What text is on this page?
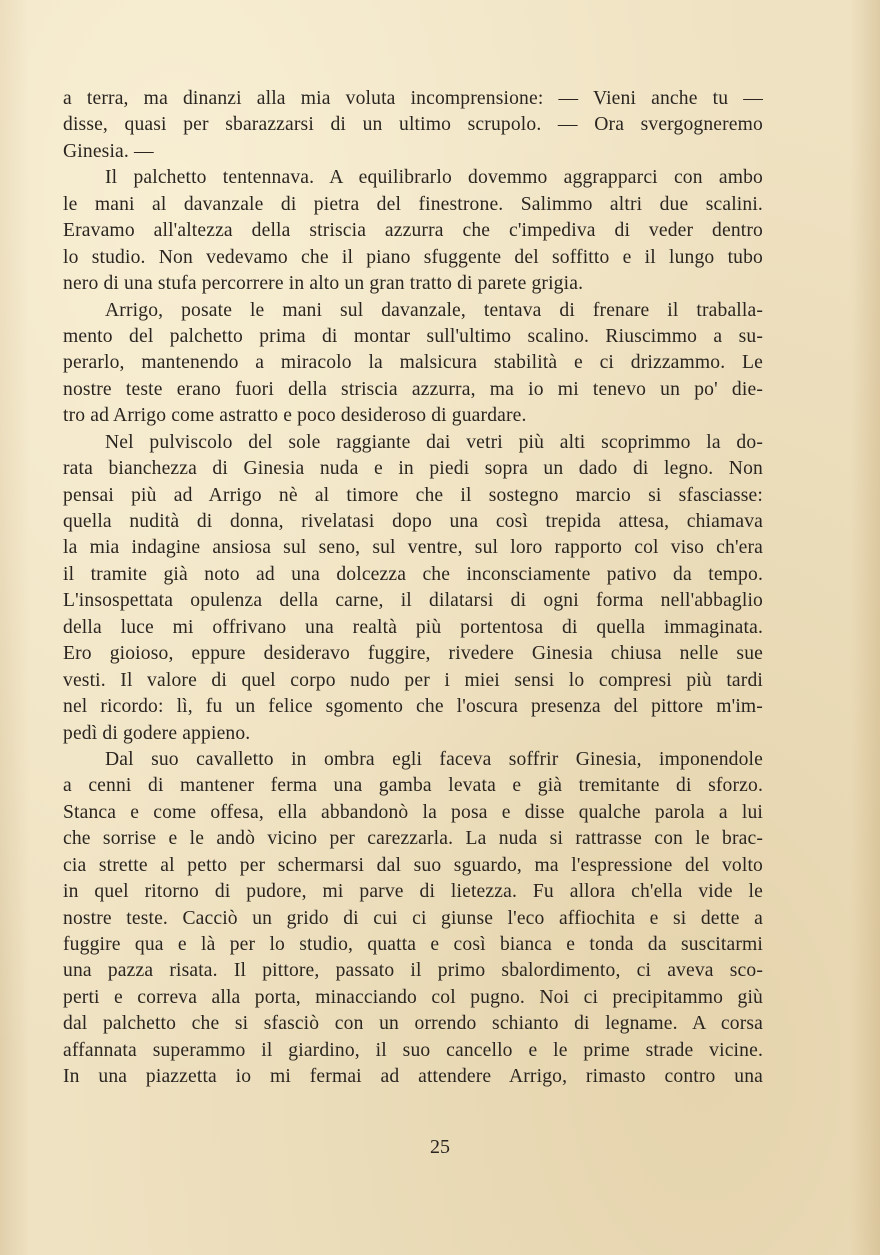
a terra, ma dinanzi alla mia voluta incomprensione: — Vieni anche tu —
disse, quasi per sbarazzarsi di un ultimo scrupolo. — Ora svergogneremo
Ginesia. —
Il palchetto tentennava. A equilibrarlo dovemmo aggrapparci con ambo
le mani al davanzale di pietra del finestrone. Salimmo altri due scalini.
Eravamo all'altezza della striscia azzurra che c'impediva di veder dentro
lo studio. Non vedevamo che il piano sfuggente del soffitto e il lungo tubo
nero di una stufa percorrere in alto un gran tratto di parete grigia.
Arrigo, posate le mani sul davanzale, tentava di frenare il traballa-
mento del palchetto prima di montar sull'ultimo scalino. Riuscimmo a su-
perarlo, mantenendo a miracolo la malsicura stabilità e ci drizzammo. Le
nostre teste erano fuori della striscia azzurra, ma io mi tenevo un po' die-
tro ad Arrigo come astratto e poco desideroso di guardare.
Nel pulviscolo del sole raggiante dai vetri più alti scoprimmo la do-
rata bianchezza di Ginesia nuda e in piedi sopra un dado di legno. Non
pensai più ad Arrigo nè al timore che il sostegno marcio si sfasciasse:
quella nudità di donna, rivelatasi dopo una così trepida attesa, chiamava
la mia indagine ansiosa sul seno, sul ventre, sul loro rapporto col viso ch'era
il tramite già noto ad una dolcezza che inconsciamente pativo da tempo.
L'insospettata opulenza della carne, il dilatarsi di ogni forma nell'abbaglio
della luce mi offrivano una realtà più portentosa di quella immaginata.
Ero gioioso, eppure desideravo fuggire, rivedere Ginesia chiusa nelle sue
vesti. Il valore di quel corpo nudo per i miei sensi lo compresi più tardi
nel ricordo: lì, fu un felice sgomento che l'oscura presenza del pittore m'im-
pedì di godere appieno.
Dal suo cavalletto in ombra egli faceva soffrir Ginesia, imponendole
a cenni di mantener ferma una gamba levata e già tremitante di sforzo.
Stanca e come offesa, ella abbandonò la posa e disse qualche parola a lui
che sorrise e le andò vicino per carezzarla. La nuda si rattrasse con le brac-
cia strette al petto per schermarsi dal suo sguardo, ma l'espressione del volto
in quel ritorno di pudore, mi parve di lietezza. Fu allora ch'ella vide le
nostre teste. Cacciò un grido di cui ci giunse l'eco affiochita e si dette a
fuggire qua e là per lo studio, quatta e così bianca e tonda da suscitarmi
una pazza risata. Il pittore, passato il primo sbalordimento, ci aveva sco-
perti e correva alla porta, minacciando col pugno. Noi ci precipitammo giù
dal palchetto che si sfasciò con un orrendo schianto di legname. A corsa
affannata superammo il giardino, il suo cancello e le prime strade vicine.
In una piazzetta io mi fermai ad attendere Arrigo, rimasto contro una
25
